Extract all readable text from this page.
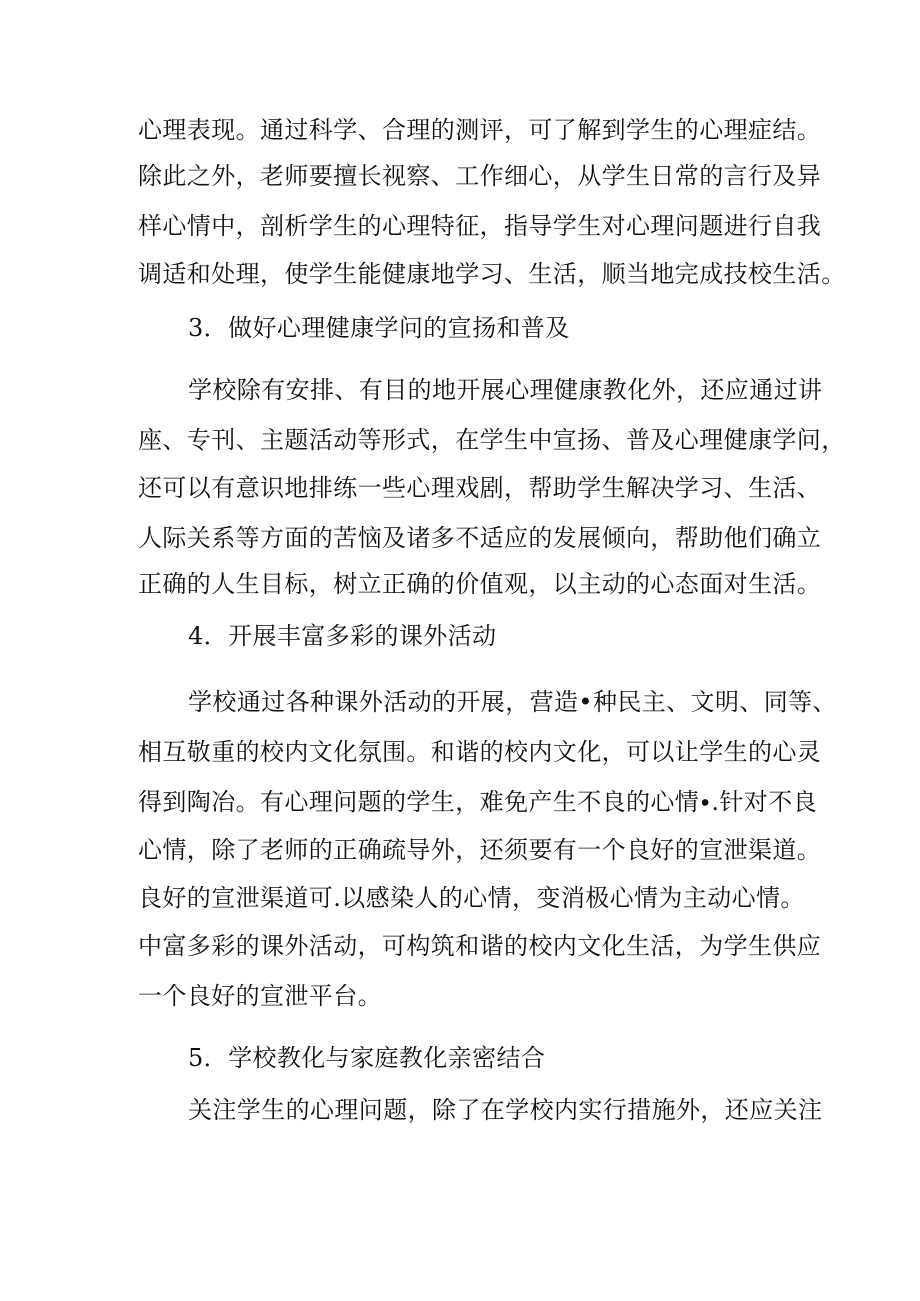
心理表现。通过科学、合理的测评，可了解到学生的心理症结。
除此之外，老师要擅长视察、工作细心，从学生日常的言行及异
样心情中，剖析学生的心理特征，指导学生对心理问题进行自我
调适和处理，使学生能健康地学习、生活，顺当地完成技校生活。
3．做好心理健康学问的宣扬和普及
学校除有安排、有目的地开展心理健康教化外，还应通过讲
座、专刊、主题活动等形式，在学生中宣扬、普及心理健康学问，
还可以有意识地排练一些心理戏剧，帮助学生解决学习、生活、
人际关系等方面的苦恼及诸多不适应的发展倾向，帮助他们确立
正确的人生目标，树立正确的价值观，以主动的心态面对生活。
4．开展丰富多彩的课外活动
学校通过各种课外活动的开展，营造•种民主、文明、同等、
相互敬重的校内文化氛围。和谐的校内文化，可以让学生的心灵
得到陶冶。有心理问题的学生，难免产生不良的心情∙.针对不良
心情，除了老师的正确疏导外，还须要有一个良好的宣泄渠道。
良好的宣泄渠道可.以感染人的心情，变消极心情为主动心情。
中富多彩的课外活动，可构筑和谐的校内文化生活，为学生供应
一个良好的宣泄平台。
5．学校教化与家庭教化亲密结合
关注学生的心理问题，除了在学校内实行措施外，还应关注
